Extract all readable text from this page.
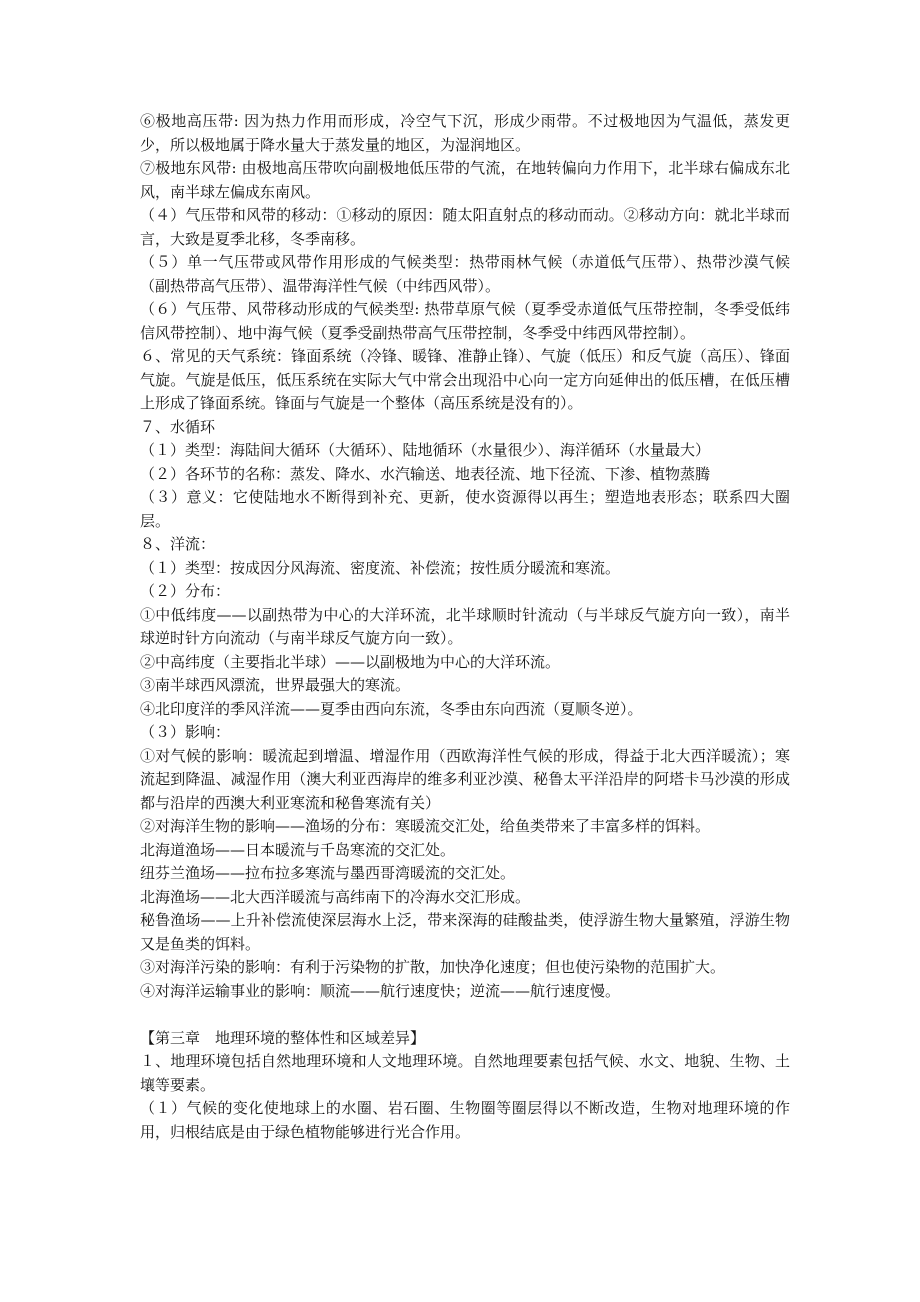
⑥极地高压带: 因为热力作用而形成，冷空气下沉，形成少雨带。不过极地因为气温低，蒸发更少，所以极地属于降水量大于蒸发量的地区，为湿润地区。

⑦极地东风带: 由极地高压带吹向副极地低压带的气流，在地转偏向力作用下，北半球右偏成东北风，南半球左偏成东南风。

（４）气压带和风带的移动：①移动的原因：随太阳直射点的移动而动。②移动方向：就北半球而言，大致是夏季北移，冬季南移。

（５）单一气压带或风带作用形成的气候类型：热带雨林气候（赤道低气压带）、热带沙漠气候（副热带高气压带）、温带海洋性气候（中纬西风带）。

（６）气压带、风带移动形成的气候类型: 热带草原气候（夏季受赤道低气压带控制，冬季受低纬信风带控制）、地中海气候（夏季受副热带高气压带控制，冬季受中纬西风带控制）。

６、常见的天气系统：锋面系统（冷锋、暖锋、准静止锋）、气旋（低压）和反气旋（高压）、锋面气旋。气旋是低压，低压系统在实际大气中常会出现沿中心向一定方向延伸出的低压槽，在低压槽上形成了锋面系统。锋面与气旋是一个整体（高压系统是没有的）。

７、水循环

（１）类型：海陆间大循环（大循环）、陆地循环（水量很少）、海洋循环（水量最大）

（２）各环节的名称：蒸发、降水、水汽输送、地表径流、地下径流、下渗、植物蒸腾

（３）意义：它使陆地水不断得到补充、更新，使水资源得以再生；塑造地表形态；联系四大圈层。

８、洋流：

（１）类型：按成因分风海流、密度流、补偿流；按性质分暖流和寒流。

（２）分布：

①中低纬度——以副热带为中心的大洋环流，北半球顺时针流动（与半球反气旋方向一致），南半球逆时针方向流动（与南半球反气旋方向一致）。

②中高纬度（主要指北半球）——以副极地为中心的大洋环流。

③南半球西风漂流，世界最强大的寒流。

④北印度洋的季风洋流——夏季由西向东流，冬季由东向西流（夏顺冬逆）。

（３）影响：

①对气候的影响：暖流起到增温、增湿作用（西欧海洋性气候的形成，得益于北大西洋暖流）；寒流起到降温、减湿作用（澳大利亚西海岸的维多利亚沙漠、秘鲁太平洋沿岸的阿塔卡马沙漠的形成都与沿岸的西澳大利亚寒流和秘鲁寒流有关）

②对海洋生物的影响——渔场的分布：寒暖流交汇处，给鱼类带来了丰富多样的饵料。

北海道渔场——日本暖流与千岛寒流的交汇处。

纽芬兰渔场——拉布拉多寒流与墨西哥湾暖流的交汇处。

北海渔场——北大西洋暖流与高纬南下的冷海水交汇形成。

秘鲁渔场——上升补偿流使深层海水上泛，带来深海的硅酸盐类，使浮游生物大量繁殖，浮游生物又是鱼类的饵料。

③对海洋污染的影响：有利于污染物的扩散，加快净化速度；但也使污染物的范围扩大。

④对海洋运输事业的影响：顺流——航行速度快；逆流——航行速度慢。

【第三章　地理环境的整体性和区域差异】

１、地理环境包括自然地理环境和人文地理环境。自然地理要素包括气候、水文、地貌、生物、土壤等要素。

（１）气候的变化使地球上的水圈、岩石圈、生物圈等圈层得以不断改造，生物对地理环境的作用，归根结底是由于绿色植物能够进行光合作用。
